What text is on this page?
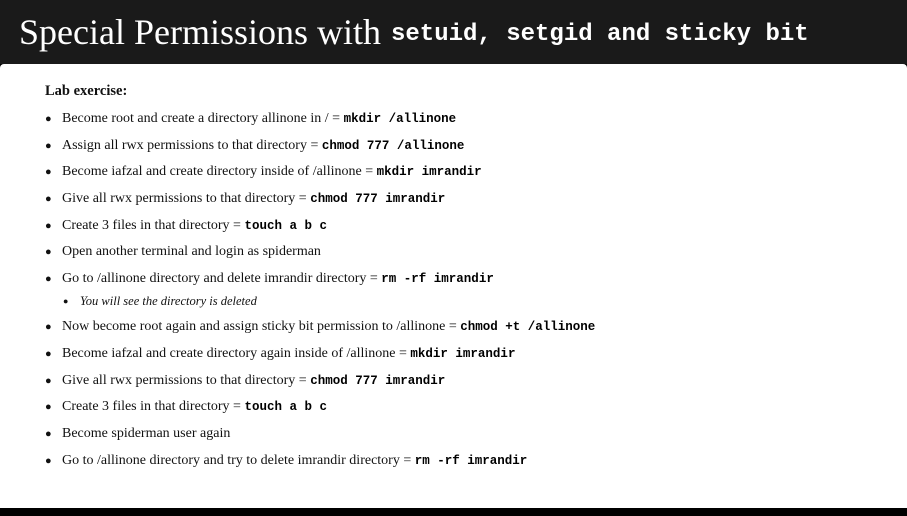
Special Permissions with setuid, setgid and sticky bit

Lab exercise:

● Become root and create a directory allinone in / = mkdir /allinone
● Assign all rwx permissions to that directory = chmod 777 /allinone
● Become iafzal and create directory inside of /allinone = mkdir imrandir
● Give all rwx permissions to that directory = chmod 777 imrandir
● Create 3 files in that directory = touch a b c
● Open another terminal and login as spiderman
● Go to /allinone directory and delete imrandir directory = rm -rf imrandir
● You will see the directory is deleted
● Now become root again and assign sticky bit permission to /allinone = chmod +t /allinone
● Become iafzal and create directory again inside of /allinone = mkdir imrandir
● Give all rwx permissions to that directory = chmod 777 imrandir
● Create 3 files in that directory = touch a b c
● Become spiderman user again
● Go to /allinone directory and try to delete imrandir directory = rm -rf imrandir
